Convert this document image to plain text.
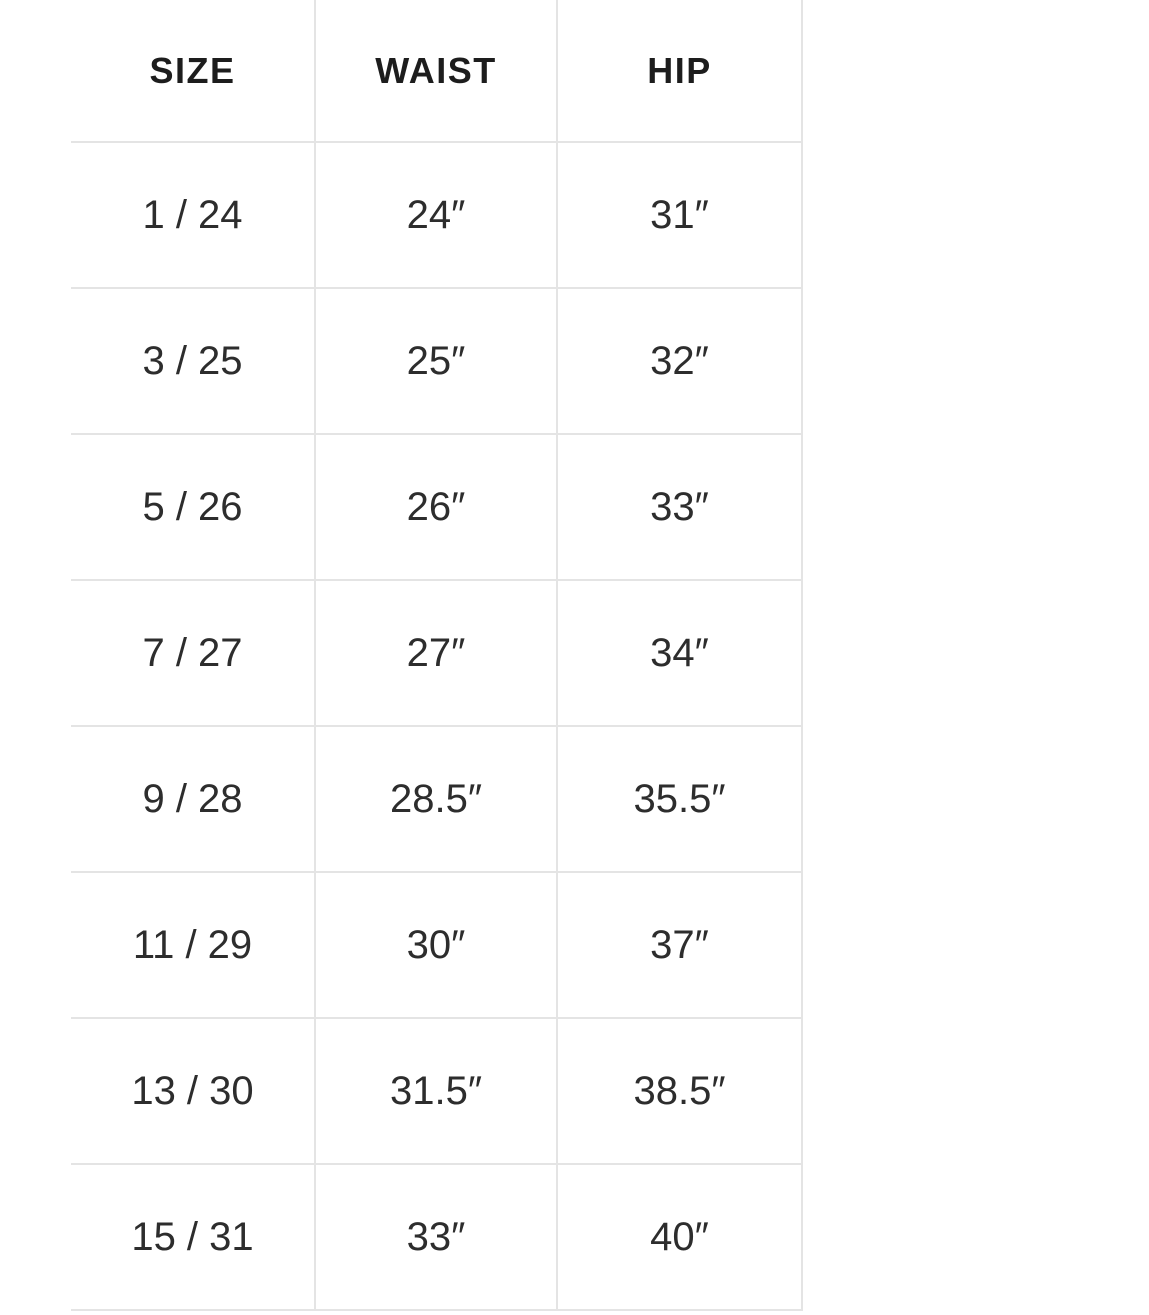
SIZE	WAIST	HIP
1 / 24	24″	31″
3 / 25	25″	32″
5 / 26	26″	33″
7 / 27	27″	34″
9 / 28	28.5″	35.5″
11 / 29	30″	37″
13 / 30	31.5″	38.5″
15 / 31	33″	40″
